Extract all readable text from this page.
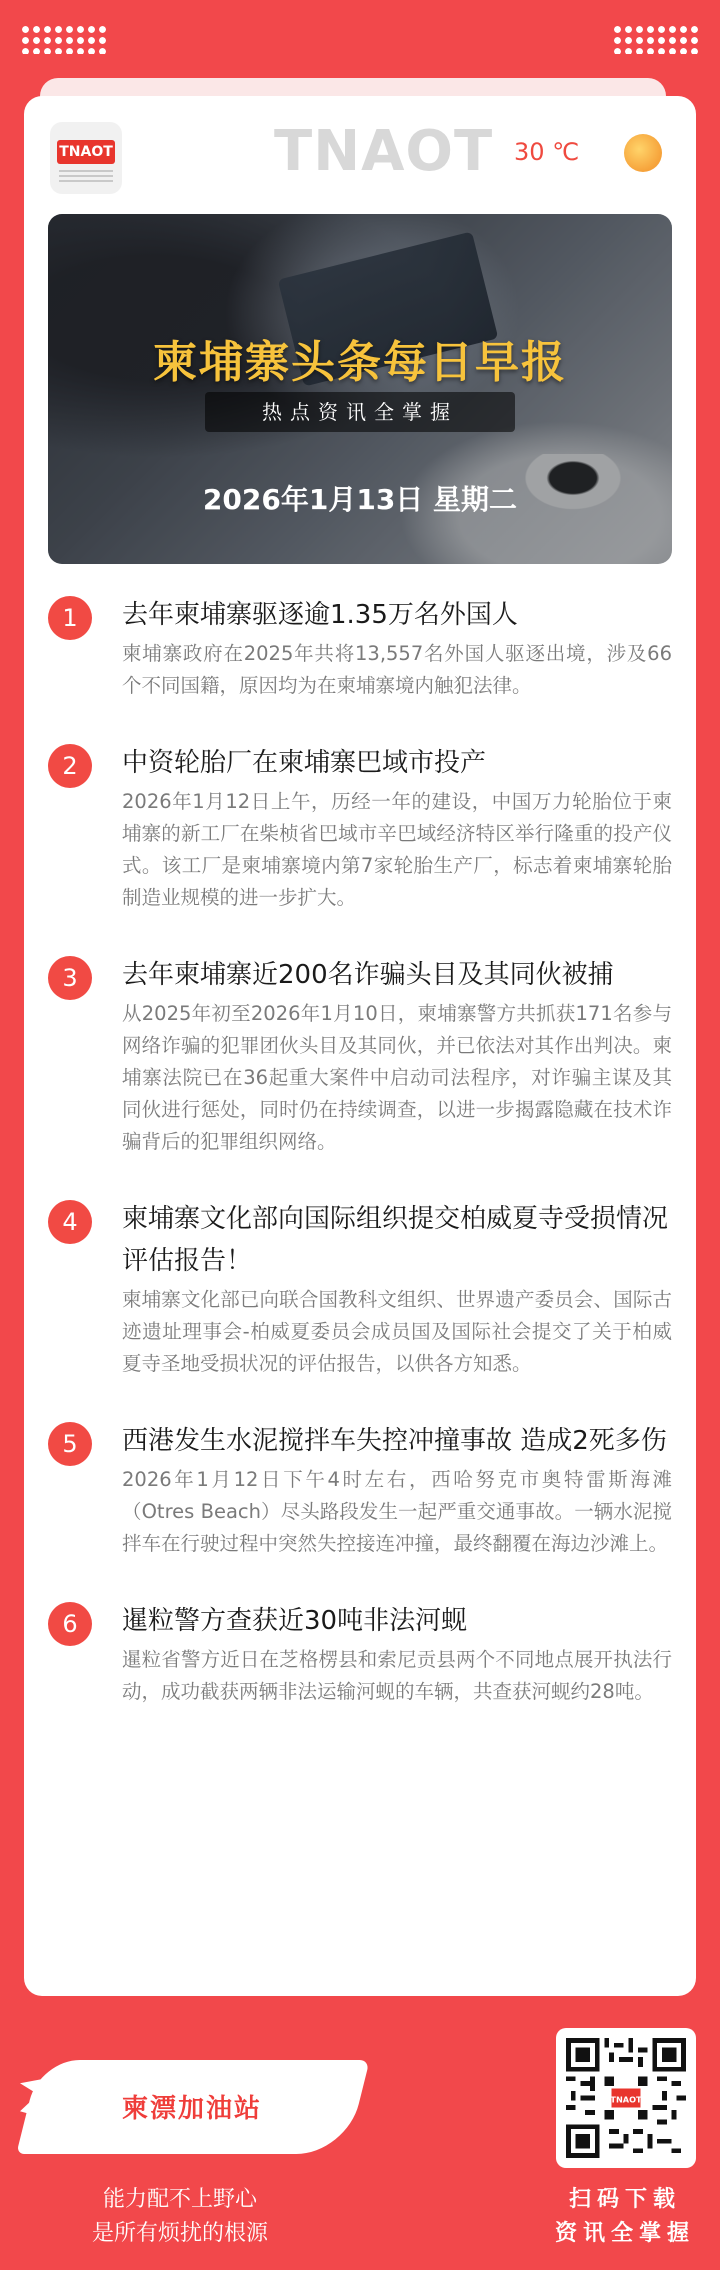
TNAOT	TNAOT 30 ℃
柬埔寨头条每日早报
热点资讯全掌握
2026年1月13日 星期二
1	去年柬埔寨驱逐逾1.35万名外国人

柬埔寨政府在2025年共将13,557名外国人驱逐出境，涉及66个不同国籍，原因均为在柬埔寨境内触犯法律。

2	中资轮胎厂在柬埔寨巴域市投产

2026年1月12日上午，历经一年的建设，中国万力轮胎位于柬埔寨的新工厂在柴桢省巴域市辛巴域经济特区举行隆重的投产仪式。该工厂是柬埔寨境内第7家轮胎生产厂，标志着柬埔寨轮胎制造业规模的进一步扩大。

3	去年柬埔寨近200名诈骗头目及其同伙被捕

从2025年初至2026年1月10日，柬埔寨警方共抓获171名参与网络诈骗的犯罪团伙头目及其同伙，并已依法对其作出判决。柬埔寨法院已在36起重大案件中启动司法程序，对诈骗主谋及其同伙进行惩处，同时仍在持续调查，以进一步揭露隐藏在技术诈骗背后的犯罪组织网络。

4	柬埔寨文化部向国际组织提交柏威夏寺受损情况评估报告！

柬埔寨文化部已向联合国教科文组织、世界遗产委员会、国际古迹遗址理事会-柏威夏委员会成员国及国际社会提交了关于柏威夏寺圣地受损状况的评估报告，以供各方知悉。

5	西港发生水泥搅拌车失控冲撞事故 造成2死多伤

2026年1月12日下午4时左右，西哈努克市奥特雷斯海滩（Otres Beach）尽头路段发生一起严重交通事故。一辆水泥搅拌车在行驶过程中突然失控接连冲撞，最终翻覆在海边沙滩上。

6	暹粒警方查获近30吨非法河蚬

暹粒省警方近日在芝格楞县和索尼贡县两个不同地点展开执法行动，成功截获两辆非法运输河蚬的车辆，共查获河蚬约28吨。

柬漂加油站
能力配不上野心
是所有烦扰的根源
TNAOT
扫码下载
资讯全掌握
